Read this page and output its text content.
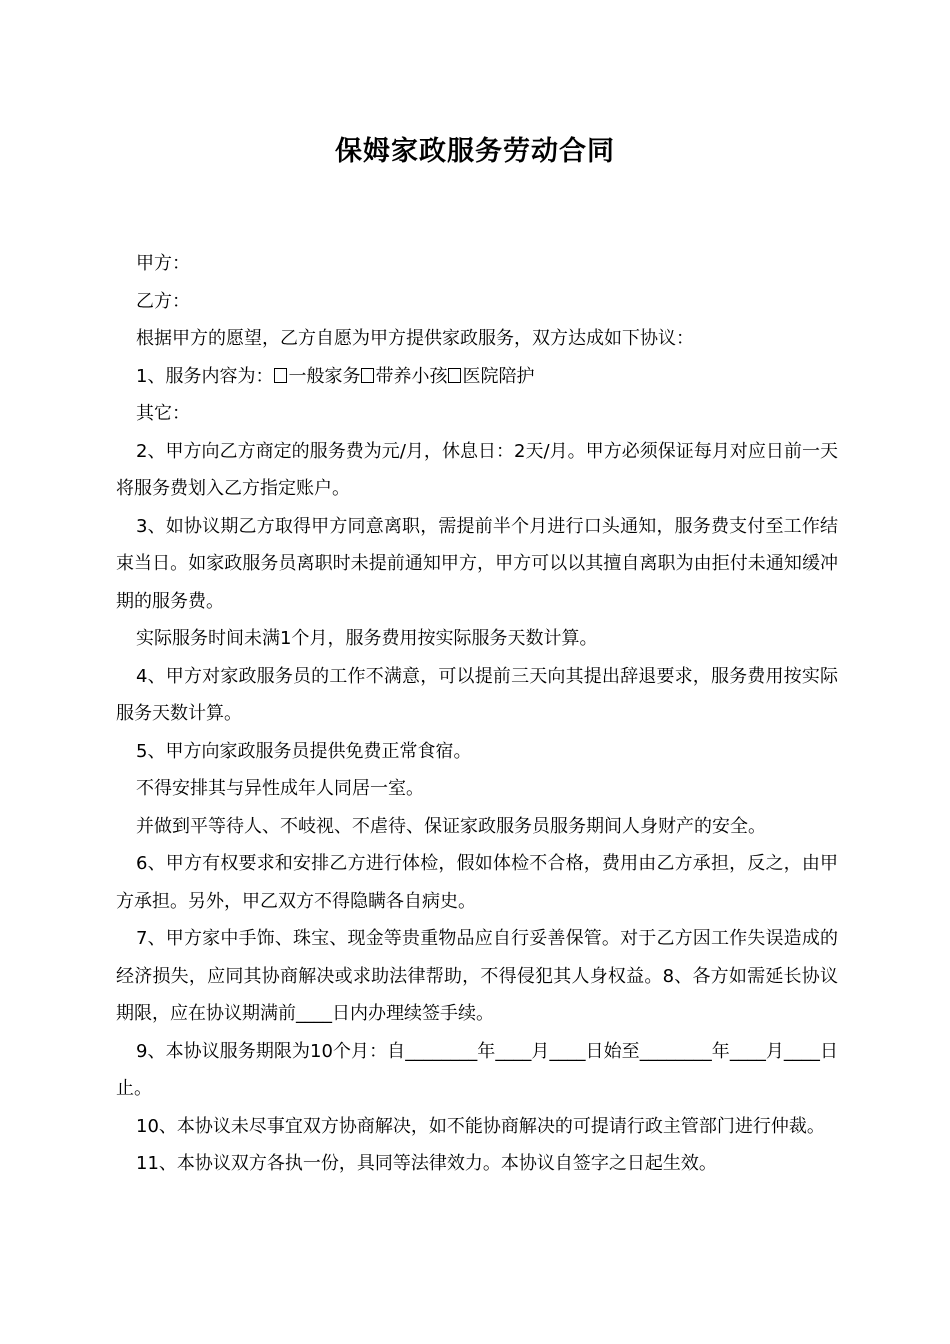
保姆家政服务劳动合同

甲方：

乙方：

根据甲方的愿望，乙方自愿为甲方提供家政服务，双方达成如下协议：

1、服务内容为： 一般家务 带养小孩 医院陪护

其它：

2、甲方向乙方商定的服务费为元/月，休息日：2天/月。甲方必须保证每月对应日前一天将服务费划入乙方指定账户。

3、如协议期乙方取得甲方同意离职，需提前半个月进行口头通知，服务费支付至工作结束当日。如家政服务员离职时未提前通知甲方，甲方可以以其擅自离职为由拒付未通知缓冲期的服务费。

实际服务时间未满1个月，服务费用按实际服务天数计算。

4、甲方对家政服务员的工作不满意，可以提前三天向其提出辞退要求，服务费用按实际服务天数计算。

5、甲方向家政服务员提供免费正常食宿。

不得安排其与异性成年人同居一室。

并做到平等待人、不岐视、不虐待、保证家政服务员服务期间人身财产的安全。

6、甲方有权要求和安排乙方进行体检，假如体检不合格，费用由乙方承担，反之，由甲方承担。另外，甲乙双方不得隐瞒各自病史。

7、甲方家中手饰、珠宝、现金等贵重物品应自行妥善保管。对于乙方因工作失误造成的经济损失，应同其协商解决或求助法律帮助，不得侵犯其人身权益。8、各方如需延长协议期限，应在协议期满前____日内办理续签手续。

9、本协议服务期限为10个月：自________年____月____日始至________年____月____日止。

10、本协议未尽事宜双方协商解决，如不能协商解决的可提请行政主管部门进行仲裁。

11、本协议双方各执一份，具同等法律效力。本协议自签字之日起生效。
